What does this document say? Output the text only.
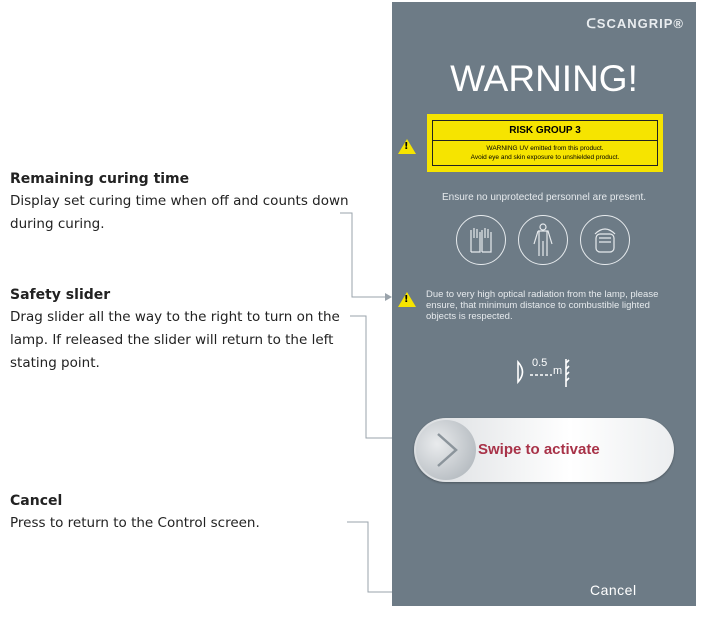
Remaining curing time

Display set curing time when off and counts down during curing.

Safety slider

Drag slider all the way to the right to turn on the lamp. If released the slider will return to the left stating point.

Cancel

Press to return to the Control screen.

ᑕSCANGRIP®
WARNING!
!
RISK GROUP 3
WARNING UV emitted from this product.
Avoid eye and skin exposure to unshielded product.
Ensure no unprotected personnel are present.
! Due to very high optical radiation from the lamp, please ensure, that minimum distance to combustible lighted objects is respected.
0.5
m
Swipe to activate
Cancel
